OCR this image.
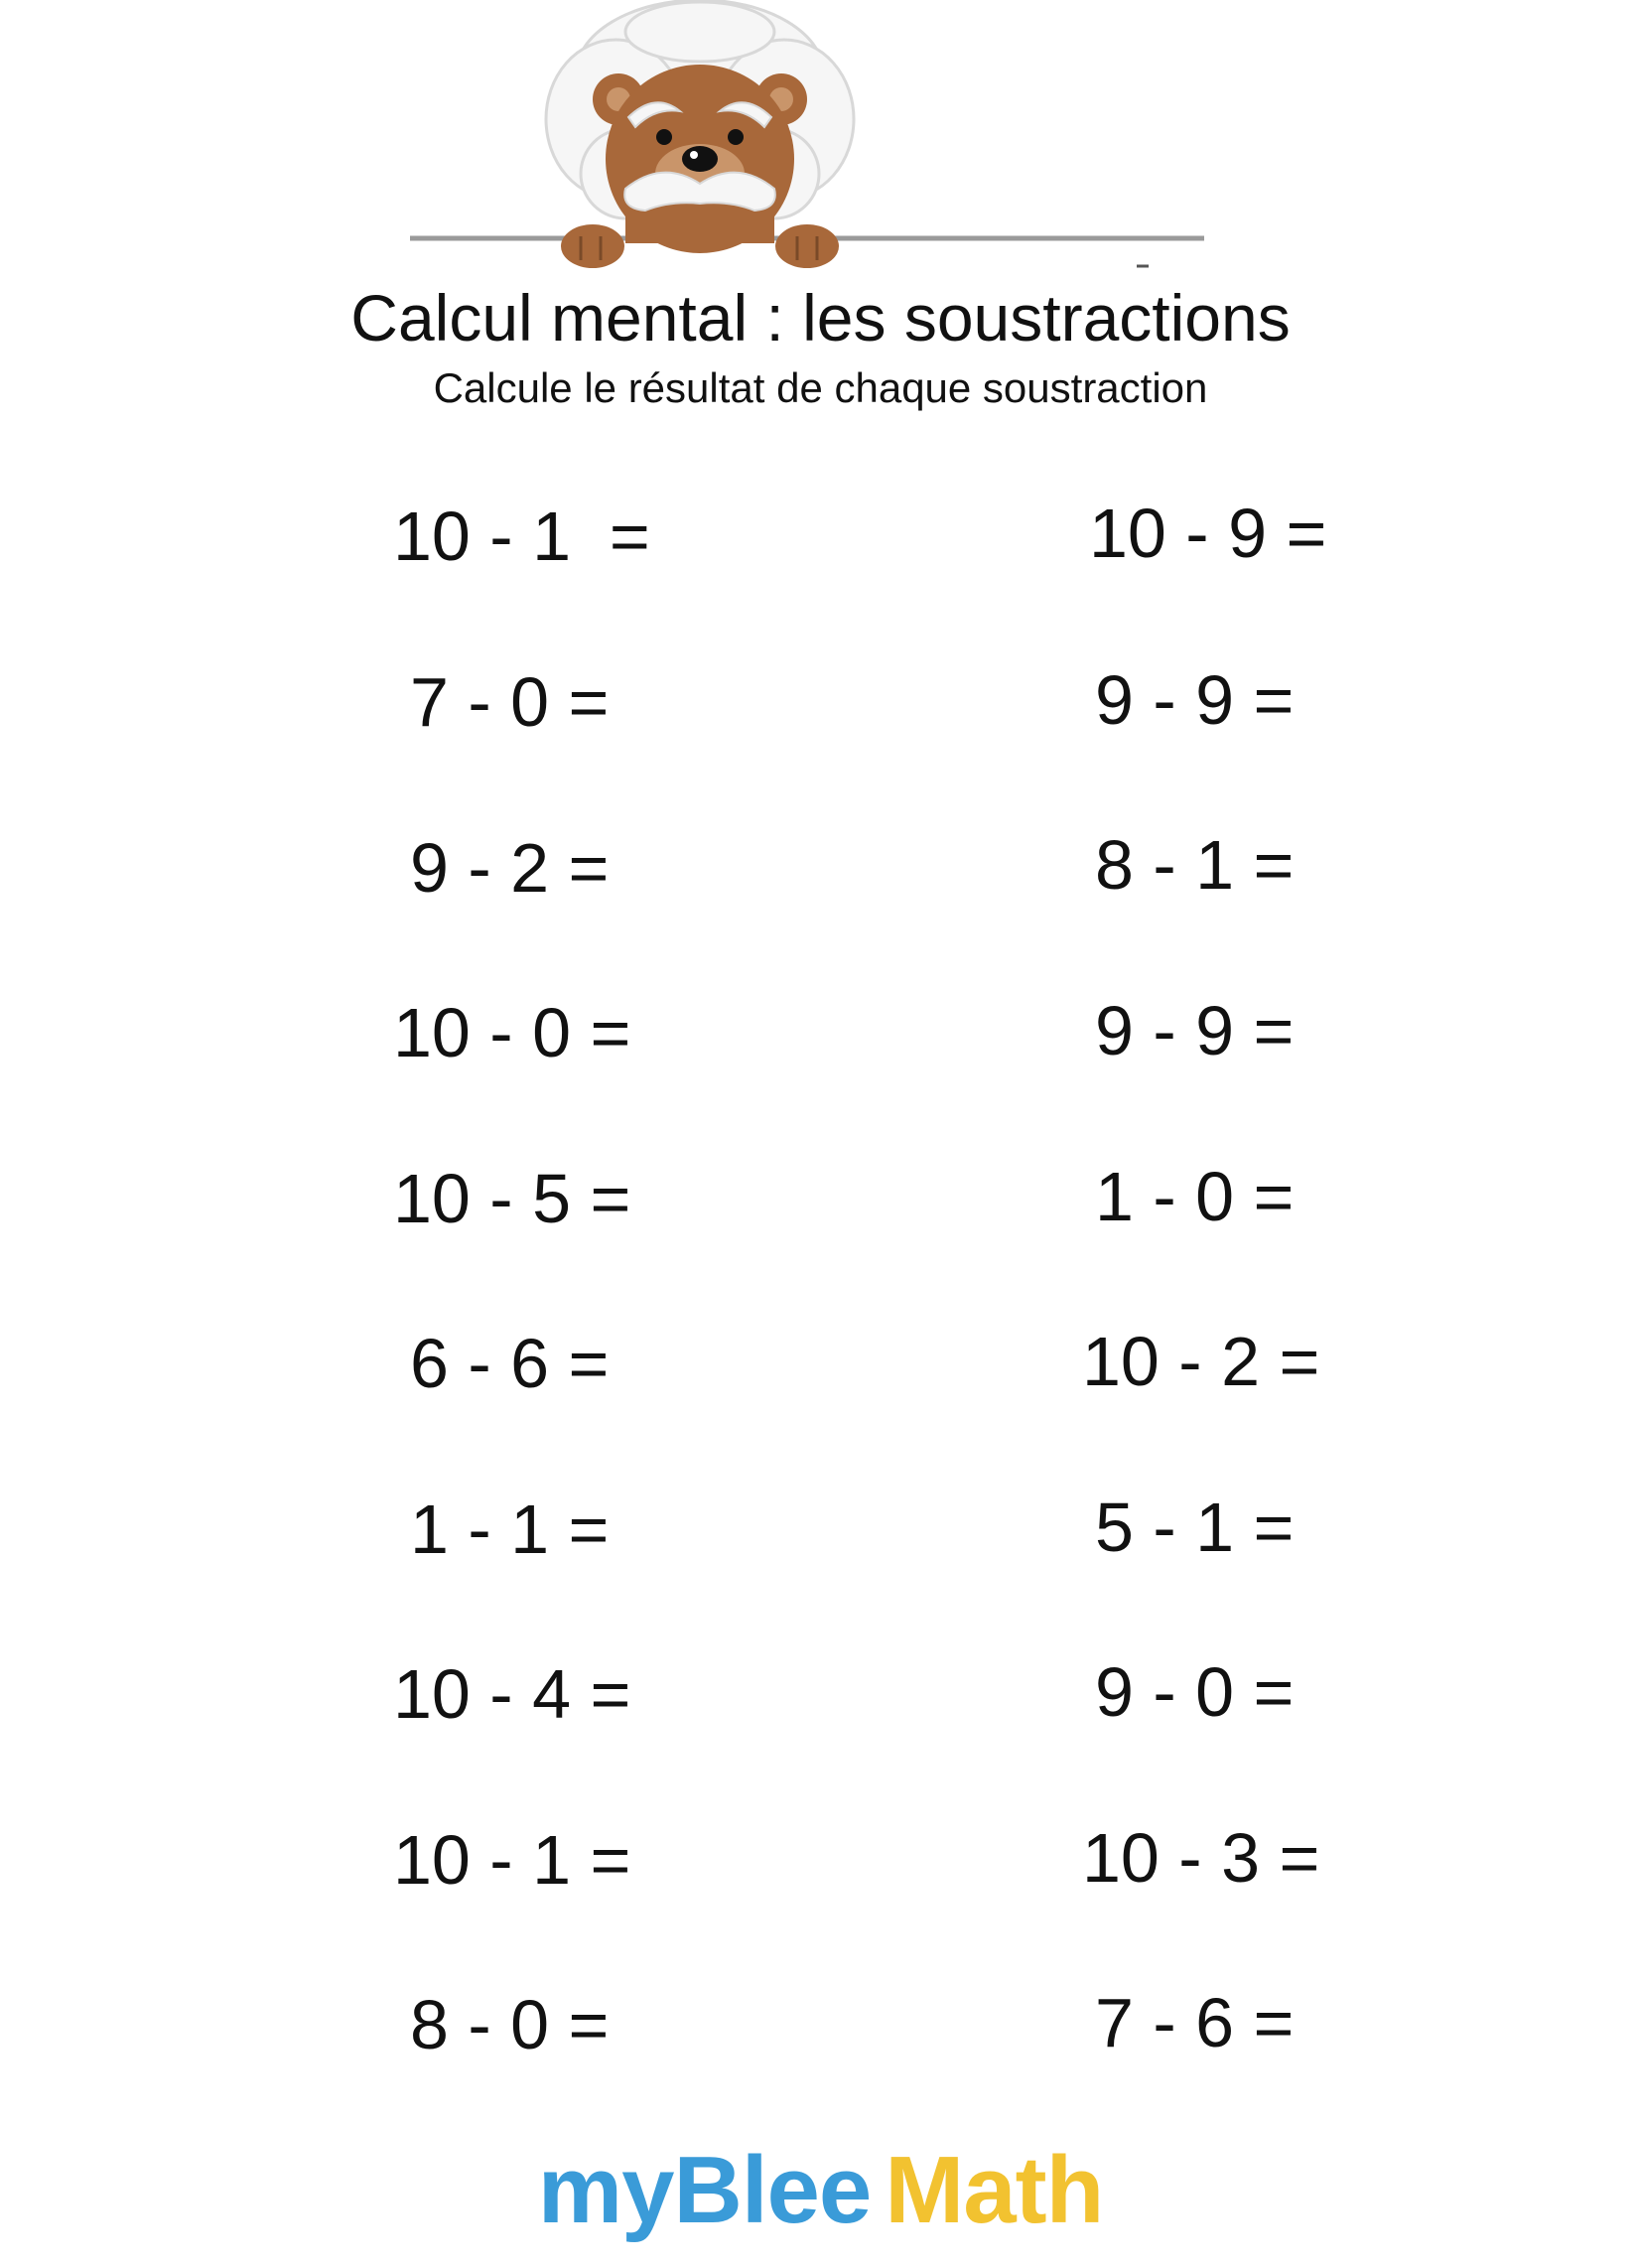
Calcul mental : les soustractions

Calcule le résultat de chaque soustraction

10 - 1  =
7 - 0 =
9 - 2 =
10 - 0 =
10 - 5 =
6 - 6 =
1 - 1 =
10 - 4 =
10 - 1 =
8 - 0 =
10 - 9 =
9 - 9 =
8 - 1 =
9 - 9 =
1 - 0 =
10 - 2 =
5 - 1 =
9 - 0 =
10 - 3 =
7 - 6 =
myBlee Math
